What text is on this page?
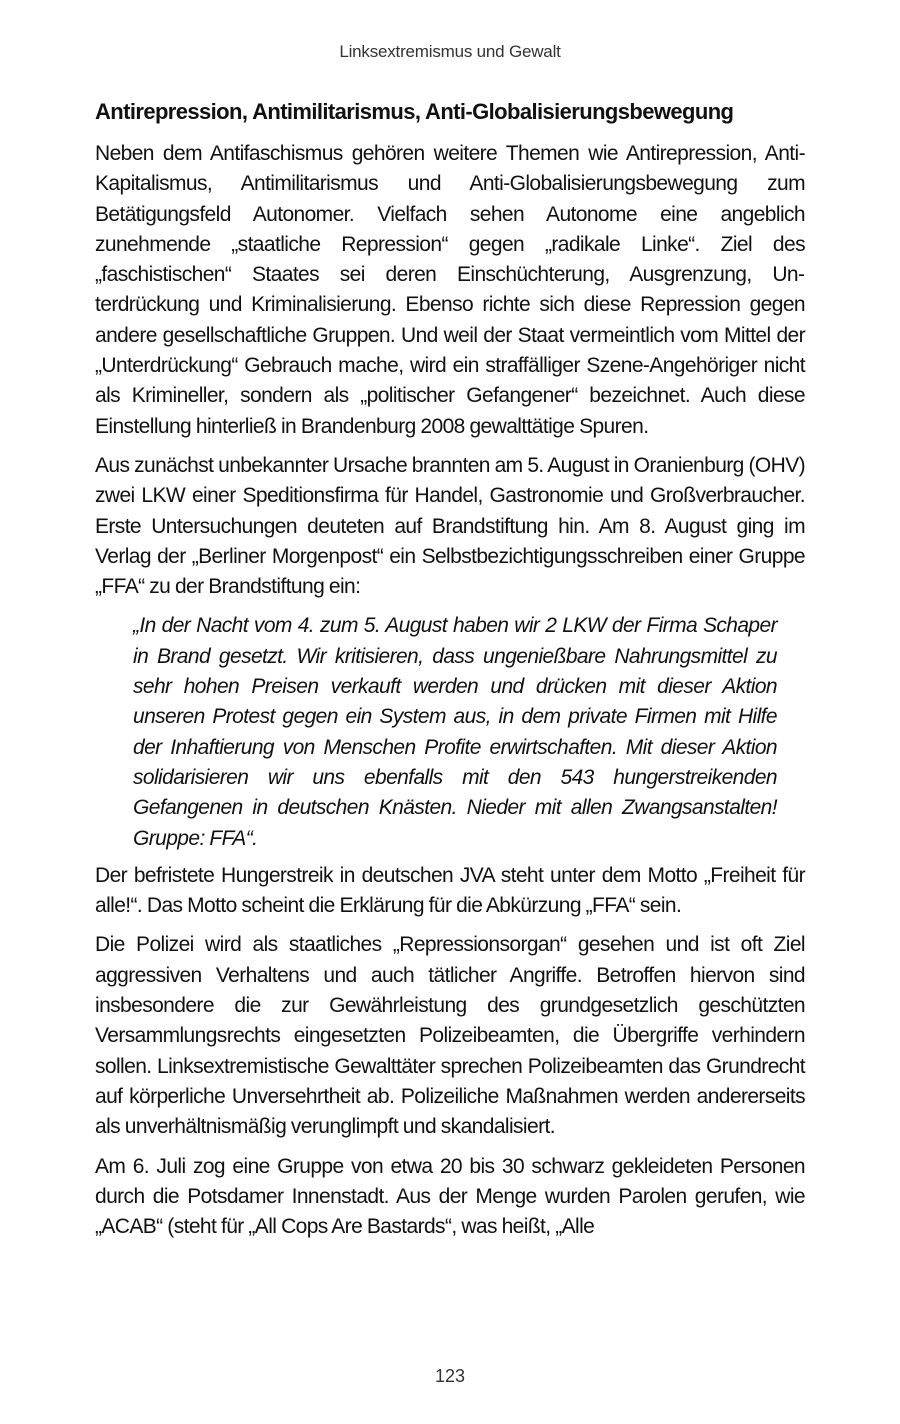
Linksextremismus und Gewalt
Antirepression, Antimilitarismus, Anti-Globalisierungsbewegung

Neben dem Antifaschismus gehören weitere Themen wie Antirepression, Anti-Kapitalismus, Antimilitarismus und Anti-Globalisierungsbewegung zum Betätigungsfeld Autonomer. Vielfach sehen Autonome eine angeblich zunehmende „staatliche Repression“ gegen „radikale Linke“. Ziel des „faschistischen“ Staates sei deren Einschüchterung, Ausgrenzung, Unterdrückung und Kriminalisierung. Ebenso richte sich diese Repression gegen andere gesellschaftliche Gruppen. Und weil der Staat vermeintlich vom Mittel der „Unterdrückung“ Gebrauch mache, wird ein straffälliger Szene-Angehöriger nicht als Krimineller, sondern als „politischer Gefangener“ bezeichnet. Auch diese Einstellung hinterließ in Brandenburg 2008 gewalttätige Spuren.

Aus zunächst unbekannter Ursache brannten am 5. August in Oranienburg (OHV) zwei LKW einer Speditionsfirma für Handel, Gastronomie und Großverbraucher. Erste Untersuchungen deuteten auf Brandstiftung hin. Am 8. August ging im Verlag der „Berliner Morgenpost“ ein Selbstbezichtigungsschreiben einer Gruppe „FFA“ zu der Brandstiftung ein:

„In der Nacht vom 4. zum 5. August haben wir 2 LKW der Firma Schaper in Brand gesetzt. Wir kritisieren, dass ungenießbare Nahrungsmittel zu sehr hohen Preisen verkauft werden und drücken mit dieser Aktion unseren Protest gegen ein System aus, in dem private Firmen mit Hilfe der Inhaftierung von Menschen Profite erwirtschaften. Mit dieser Aktion solidarisieren wir uns ebenfalls mit den 543 hungerstreikenden Gefangenen in deutschen Knästen. Nieder mit allen Zwangsanstalten! Gruppe: FFA“.

Der befristete Hungerstreik in deutschen JVA steht unter dem Motto „Freiheit für alle!“. Das Motto scheint die Erklärung für die Abkürzung „FFA“ sein.

Die Polizei wird als staatliches „Repressionsorgan“ gesehen und ist oft Ziel aggressiven Verhaltens und auch tätlicher Angriffe. Betroffen hiervon sind insbesondere die zur Gewährleistung des grundgesetzlich geschützten Versammlungsrechts eingesetzten Polizeibeamten, die Übergriffe verhindern sollen. Linksextremistische Gewalttäter sprechen Polizeibeamten das Grundrecht auf körperliche Unversehrtheit ab. Polizeiliche Maßnahmen werden andererseits als unverhältnismäßig verunglimpft und skandalisiert.

Am 6. Juli zog eine Gruppe von etwa 20 bis 30 schwarz gekleideten Personen durch die Potsdamer Innenstadt. Aus der Menge wurden Parolen gerufen, wie „ACAB“ (steht für „All Cops Are Bastards“, was heißt, „Alle

123
